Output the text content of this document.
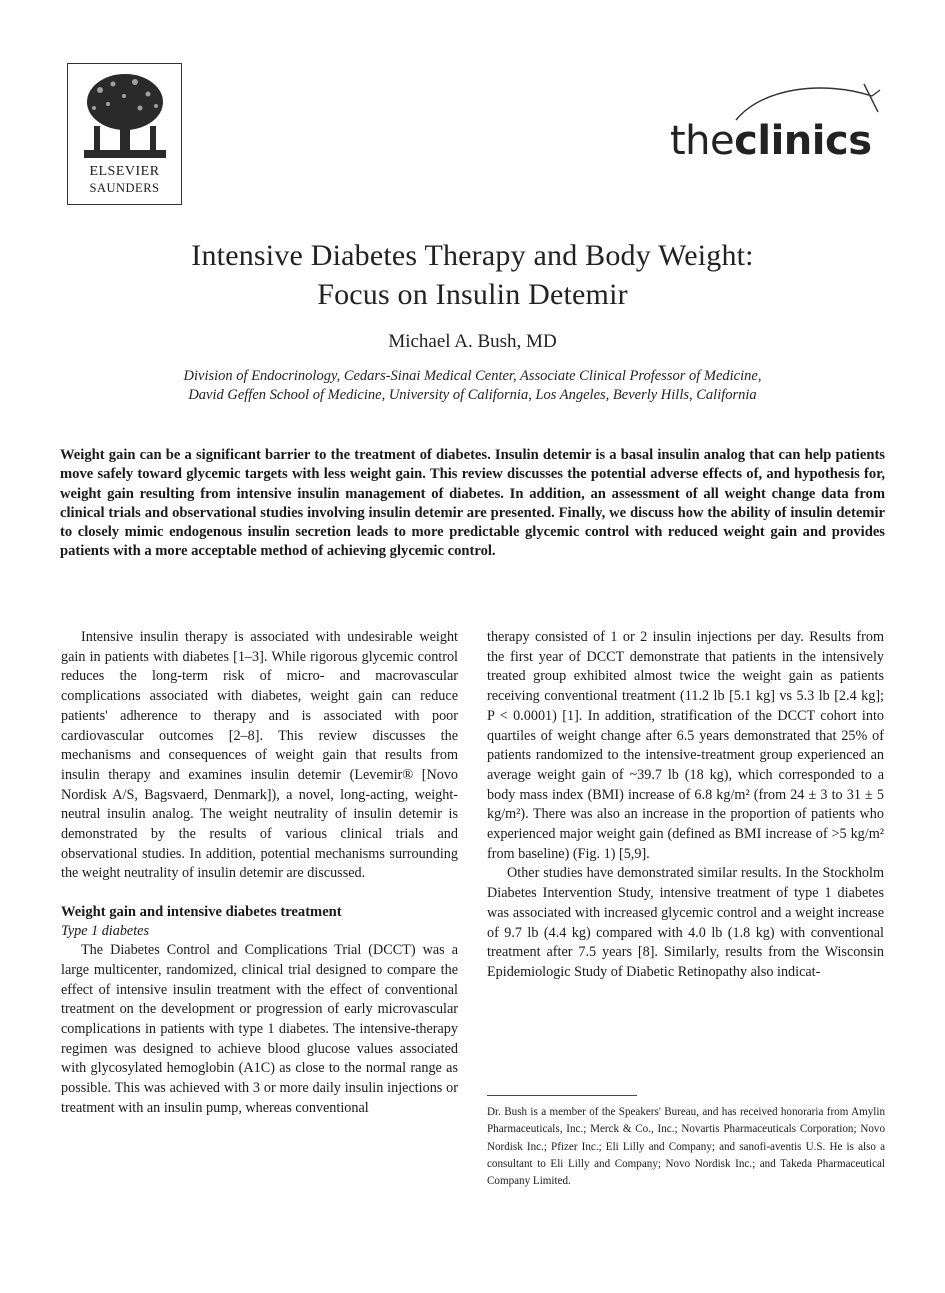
ELSEVIER
SAUNDERS
theclinics
Intensive Diabetes Therapy and Body Weight:
Focus on Insulin Detemir
Michael A. Bush, MD
Division of Endocrinology, Cedars-Sinai Medical Center, Associate Clinical Professor of Medicine,
David Geffen School of Medicine, University of California, Los Angeles, Beverly Hills, California
Weight gain can be a significant barrier to the treatment of diabetes. Insulin detemir is a basal insulin analog that can help patients move safely toward glycemic targets with less weight gain. This review discusses the potential adverse effects of, and hypothesis for, weight gain resulting from intensive insulin management of diabetes. In addition, an assessment of all weight change data from clinical trials and observational studies involving insulin detemir are presented. Finally, we discuss how the ability of insulin detemir to closely mimic endogenous insulin secretion leads to more predictable glycemic control with reduced weight gain and provides patients with a more acceptable method of achieving glycemic control.

Intensive insulin therapy is associated with undesirable weight gain in patients with diabetes [1–3]. While rigorous glycemic control reduces the long-term risk of micro- and macrovascular complications associated with diabetes, weight gain can reduce patients' adherence to therapy and is associated with poor cardiovascular outcomes [2–8]. This review discusses the mechanisms and consequences of weight gain that results from insulin therapy and examines insulin detemir (Levemir® [Novo Nordisk A/S, Bagsvaerd, Denmark]), a novel, long-acting, weight-neutral insulin analog. The weight neutrality of insulin detemir is demonstrated by the results of various clinical trials and observational studies. In addition, potential mechanisms surrounding the weight neutrality of insulin detemir are discussed.

Weight gain and intensive diabetes treatment
Type 1 diabetes

The Diabetes Control and Complications Trial (DCCT) was a large multicenter, randomized, clinical trial designed to compare the effect of intensive insulin treatment with the effect of conventional treatment on the development or progression of early microvascular complications in patients with type 1 diabetes. The intensive-therapy regimen was designed to achieve blood glucose values associated with glycosylated hemoglobin (A1C) as close to the normal range as possible. This was achieved with 3 or more daily insulin injections or treatment with an insulin pump, whereas conventional

therapy consisted of 1 or 2 insulin injections per day. Results from the first year of DCCT demonstrate that patients in the intensively treated group exhibited almost twice the weight gain as patients receiving conventional treatment (11.2 lb [5.1 kg] vs 5.3 lb [2.4 kg]; P < 0.0001) [1]. In addition, stratification of the DCCT cohort into quartiles of weight change after 6.5 years demonstrated that 25% of patients randomized to the intensive-treatment group experienced an average weight gain of ~39.7 lb (18 kg), which corresponded to a body mass index (BMI) increase of 6.8 kg/m² (from 24 ± 3 to 31 ± 5 kg/m²). There was also an increase in the proportion of patients who experienced major weight gain (defined as BMI increase of >5 kg/m² from baseline) (Fig. 1) [5,9].

Other studies have demonstrated similar results. In the Stockholm Diabetes Intervention Study, intensive treatment of type 1 diabetes was associated with increased glycemic control and a weight increase of 9.7 lb (4.4 kg) compared with 4.0 lb (1.8 kg) with conventional treatment after 7.5 years [8]. Similarly, results from the Wisconsin Epidemiologic Study of Diabetic Retinopathy also indicat-

Dr. Bush is a member of the Speakers' Bureau, and has received honoraria from Amylin Pharmaceuticals, Inc.; Merck & Co., Inc.; Novartis Pharmaceuticals Corporation; Novo Nordisk Inc.; Pfizer Inc.; Eli Lilly and Company; and sanofi-aventis U.S. He is also a consultant to Eli Lilly and Company; Novo Nordisk Inc.; and Takeda Pharmaceutical Company Limited.
